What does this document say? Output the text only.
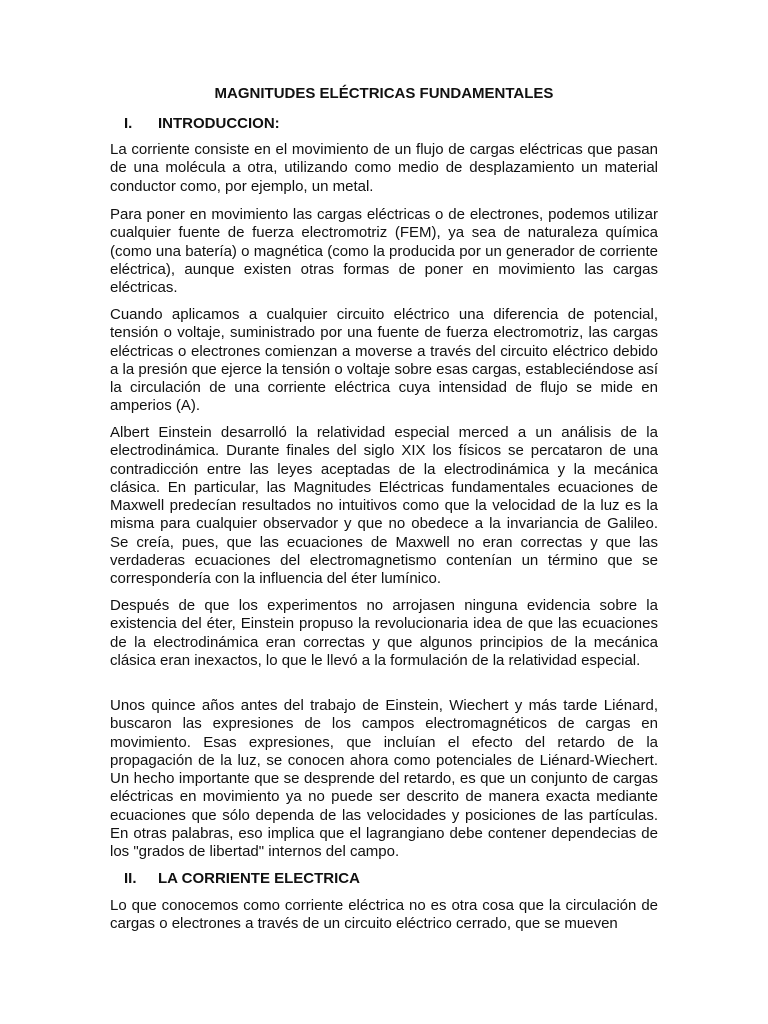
MAGNITUDES ELÉCTRICAS FUNDAMENTALES
I. INTRODUCCION:

La corriente consiste en el movimiento de un flujo de cargas eléctricas que pasan de una molécula a otra, utilizando como medio de desplazamiento un material conductor como, por ejemplo, un metal.

Para poner en movimiento las cargas eléctricas o de electrones, podemos utilizar cualquier fuente de fuerza electromotriz (FEM), ya sea de naturaleza química (como una batería) o magnética (como la producida por un generador de corriente eléctrica), aunque existen otras formas de poner en movimiento las cargas eléctricas.

Cuando aplicamos a cualquier circuito eléctrico una diferencia de potencial, tensión o voltaje, suministrado por una fuente de fuerza electromotriz, las cargas eléctricas o electrones comienzan a moverse a través del circuito eléctrico debido a la presión que ejerce la tensión o voltaje sobre esas cargas, estableciéndose así la circulación de una corriente eléctrica cuya intensidad de flujo se mide en amperios (A).

Albert Einstein desarrolló la relatividad especial merced a un análisis de la electrodinámica. Durante finales del siglo XIX los físicos se percataron de una contradicción entre las leyes aceptadas de la electrodinámica y la mecánica clásica. En particular, las Magnitudes Eléctricas fundamentales ecuaciones de Maxwell predecían resultados no intuitivos como que la velocidad de la luz es la misma para cualquier observador y que no obedece a la invariancia de Galileo. Se creía, pues, que las ecuaciones de Maxwell no eran correctas y que las verdaderas ecuaciones del electromagnetismo contenían un término que se correspondería con la influencia del éter lumínico.

Después de que los experimentos no arrojasen ninguna evidencia sobre la existencia del éter, Einstein propuso la revolucionaria idea de que las ecuaciones de la electrodinámica eran correctas y que algunos principios de la mecánica clásica eran inexactos, lo que le llevó a la formulación de la relatividad especial.

Unos quince años antes del trabajo de Einstein, Wiechert y más tarde Liénard, buscaron las expresiones de los campos electromagnéticos de cargas en movimiento. Esas expresiones, que incluían el efecto del retardo de la propagación de la luz, se conocen ahora como potenciales de Liénard-Wiechert. Un hecho importante que se desprende del retardo, es que un conjunto de cargas eléctricas en movimiento ya no puede ser descrito de manera exacta mediante ecuaciones que sólo dependa de las velocidades y posiciones de las partículas. En otras palabras, eso implica que el lagrangiano debe contener dependecias de los "grados de libertad" internos del campo.

II. LA CORRIENTE ELECTRICA

Lo que conocemos como corriente eléctrica no es otra cosa que la circulación de cargas o electrones a través de un circuito eléctrico cerrado, que se mueven
